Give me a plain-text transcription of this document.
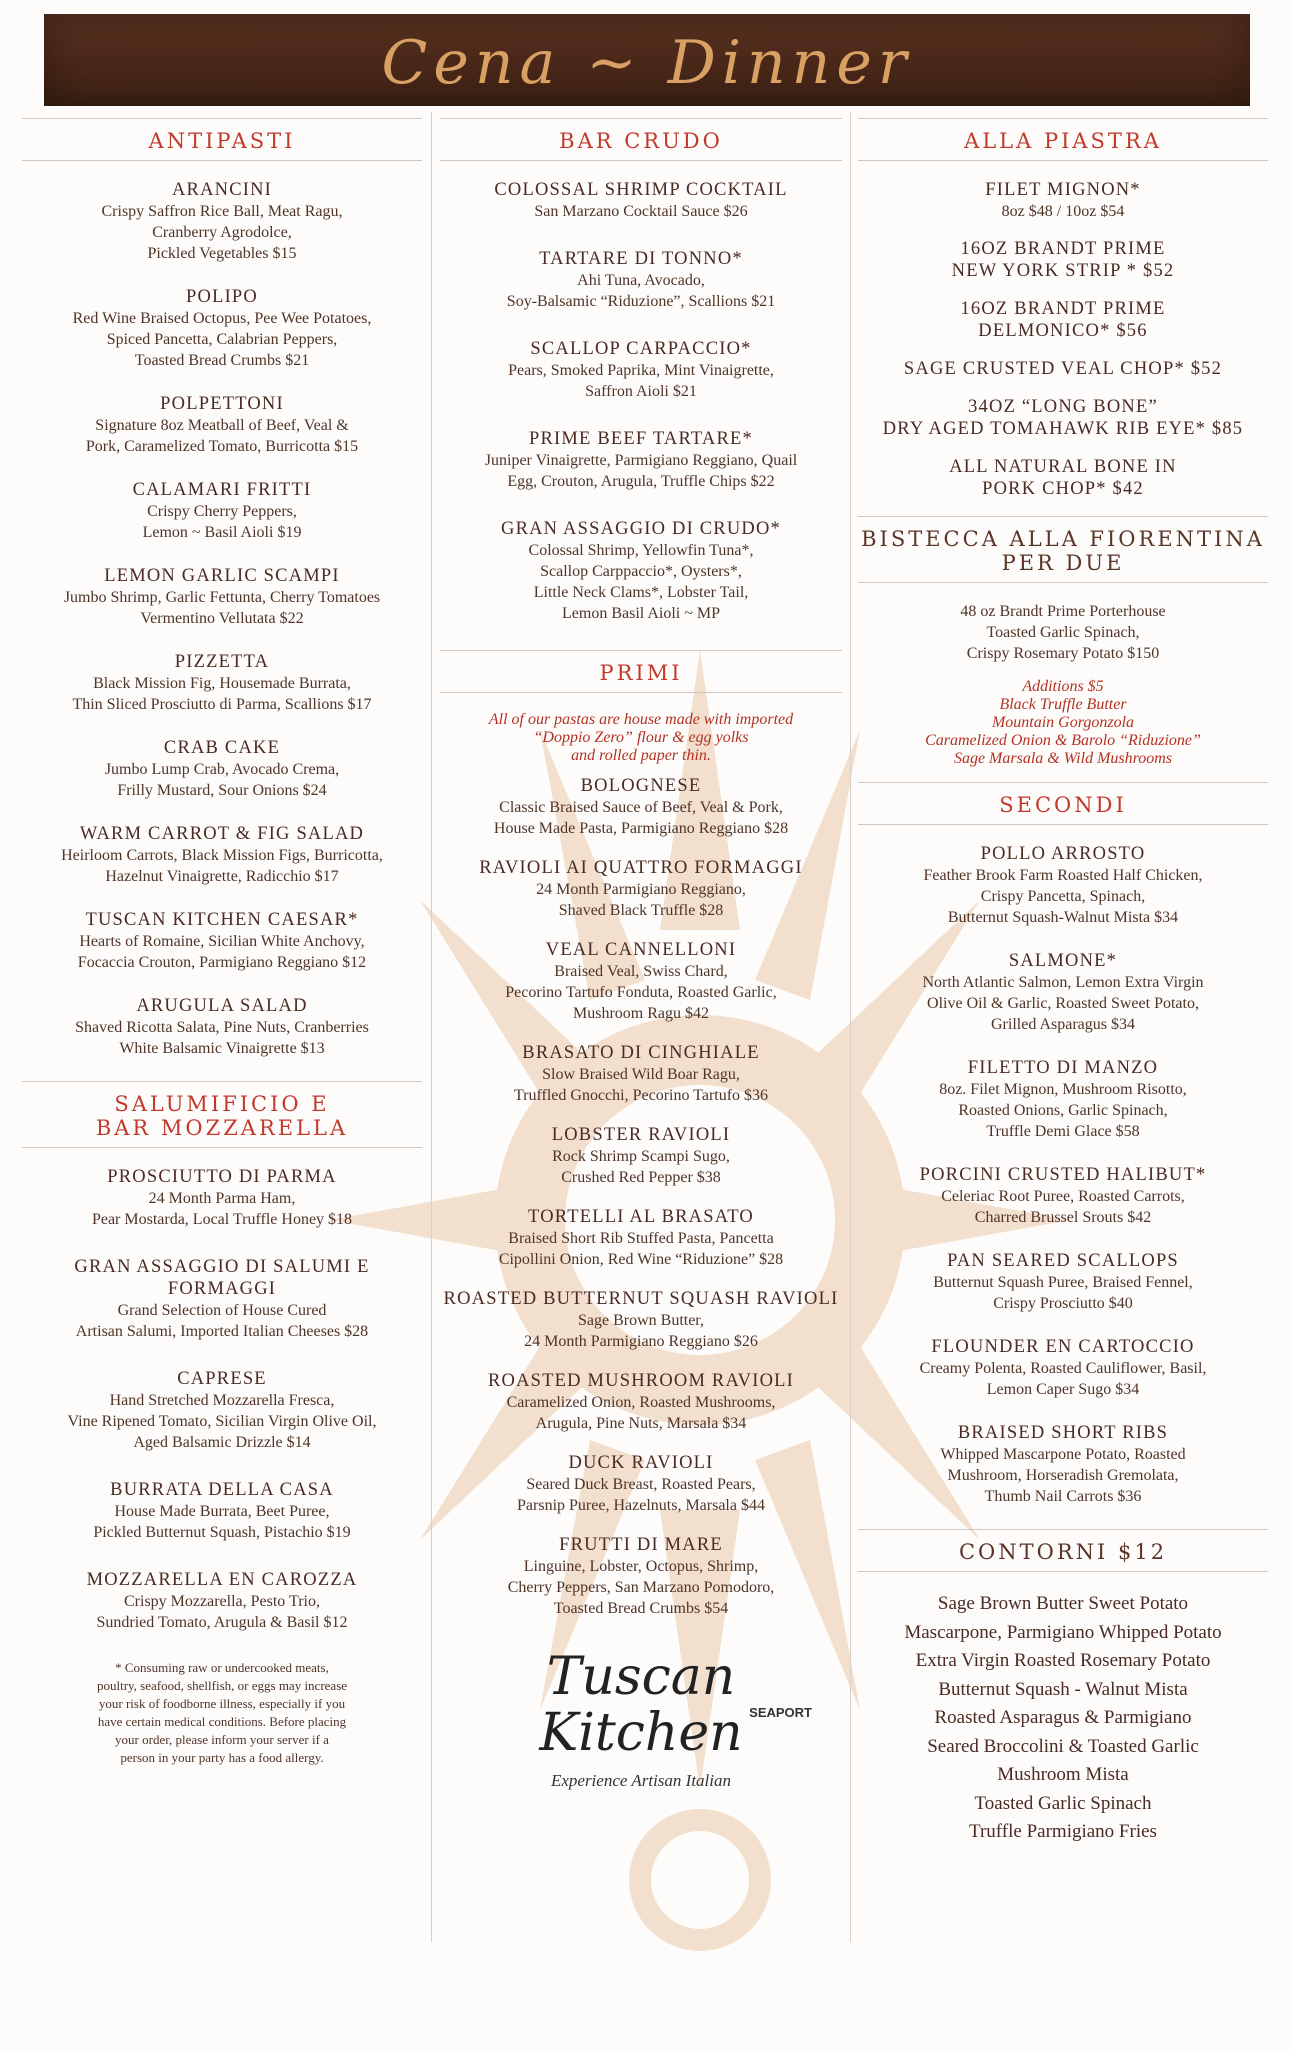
Cena ~ Dinner
ANTIPASTI
ARANCINI
Crispy Saffron Rice Ball, Meat Ragu,
Cranberry Agrodolce,
Pickled Vegetables $15
POLIPO
Red Wine Braised Octopus, Pee Wee Potatoes,
Spiced Pancetta, Calabrian Peppers,
Toasted Bread Crumbs $21
POLPETTONI
Signature 8oz Meatball of Beef, Veal &
Pork, Caramelized Tomato, Burricotta $15
CALAMARI FRITTI
Crispy Cherry Peppers,
Lemon ~ Basil Aioli $19
LEMON GARLIC SCAMPI
Jumbo Shrimp, Garlic Fettunta, Cherry Tomatoes
Vermentino Vellutata $22
PIZZETTA
Black Mission Fig, Housemade Burrata,
Thin Sliced Prosciutto di Parma, Scallions $17
CRAB CAKE
Jumbo Lump Crab, Avocado Crema,
Frilly Mustard, Sour Onions $24
WARM CARROT & FIG SALAD
Heirloom Carrots, Black Mission Figs, Burricotta,
Hazelnut Vinaigrette, Radicchio $17
TUSCAN KITCHEN CAESAR*
Hearts of Romaine, Sicilian White Anchovy,
Focaccia Crouton, Parmigiano Reggiano $12
ARUGULA SALAD
Shaved Ricotta Salata, Pine Nuts, Cranberries
White Balsamic Vinaigrette $13
SALUMIFICIO E
BAR MOZZARELLA
PROSCIUTTO DI PARMA
24 Month Parma Ham,
Pear Mostarda, Local Truffle Honey $18
GRAN ASSAGGIO DI SALUMI E FORMAGGI
Grand Selection of House Cured
Artisan Salumi, Imported Italian Cheeses $28
CAPRESE
Hand Stretched Mozzarella Fresca,
Vine Ripened Tomato, Sicilian Virgin Olive Oil,
Aged Balsamic Drizzle $14
BURRATA DELLA CASA
House Made Burrata, Beet Puree,
Pickled Butternut Squash, Pistachio $19
MOZZARELLA EN CAROZZA
Crispy Mozzarella, Pesto Trio,
Sundried Tomato, Arugula & Basil $12
* Consuming raw or undercooked meats,
poultry, seafood, shellfish, or eggs may increase
your risk of foodborne illness, especially if you
have certain medical conditions. Before placing
your order, please inform your server if a
person in your party has a food allergy.
BAR CRUDO
COLOSSAL SHRIMP COCKTAIL
San Marzano Cocktail Sauce $26
TARTARE DI TONNO*
Ahi Tuna, Avocado,
Soy-Balsamic “Riduzione”, Scallions $21
SCALLOP CARPACCIO*
Pears, Smoked Paprika, Mint Vinaigrette,
Saffron Aioli $21
PRIME BEEF TARTARE*
Juniper Vinaigrette, Parmigiano Reggiano, Quail
Egg, Crouton, Arugula, Truffle Chips $22
GRAN ASSAGGIO DI CRUDO*
Colossal Shrimp, Yellowfin Tuna*,
Scallop Carppaccio*, Oysters*,
Little Neck Clams*, Lobster Tail,
Lemon Basil Aioli ~ MP
PRIMI
All of our pastas are house made with imported
“Doppio Zero” flour & egg yolks
and rolled paper thin.
BOLOGNESE
Classic Braised Sauce of Beef, Veal & Pork,
House Made Pasta, Parmigiano Reggiano $28
RAVIOLI AI QUATTRO FORMAGGI
24 Month Parmigiano Reggiano,
Shaved Black Truffle $28
VEAL CANNELLONI
Braised Veal, Swiss Chard,
Pecorino Tartufo Fonduta, Roasted Garlic,
Mushroom Ragu $42
BRASATO DI CINGHIALE
Slow Braised Wild Boar Ragu,
Truffled Gnocchi, Pecorino Tartufo $36
LOBSTER RAVIOLI
Rock Shrimp Scampi Sugo,
Crushed Red Pepper $38
TORTELLI AL BRASATO
Braised Short Rib Stuffed Pasta, Pancetta
Cipollini Onion, Red Wine “Riduzione” $28
ROASTED BUTTERNUT SQUASH RAVIOLI
Sage Brown Butter,
24 Month Parmigiano Reggiano $26
ROASTED MUSHROOM RAVIOLI
Caramelized Onion, Roasted Mushrooms,
Arugula, Pine Nuts, Marsala $34
DUCK RAVIOLI
Seared Duck Breast, Roasted Pears,
Parsnip Puree, Hazelnuts, Marsala $44
FRUTTI DI MARE
Linguine, Lobster, Octopus, Shrimp,
Cherry Peppers, San Marzano Pomodoro,
Toasted Bread Crumbs $54
Tuscan Kitchen SEAPORT
Experience Artisan Italian
ALLA PIASTRA
FILET MIGNON*
8oz $48 / 10oz $54
16OZ BRANDT PRIME
NEW YORK STRIP * $52
16OZ BRANDT PRIME
DELMONICO* $56
SAGE CRUSTED VEAL CHOP* $52
34OZ “LONG BONE”
DRY AGED TOMAHAWK RIB EYE* $85
ALL NATURAL BONE IN
PORK CHOP* $42
BISTECCA ALLA FIORENTINA
PER DUE
48 oz Brandt Prime Porterhouse
Toasted Garlic Spinach,
Crispy Rosemary Potato $150
Additions $5
Black Truffle Butter
Mountain Gorgonzola
Caramelized Onion & Barolo “Riduzione”
Sage Marsala & Wild Mushrooms
SECONDI
POLLO ARROSTO
Feather Brook Farm Roasted Half Chicken,
Crispy Pancetta, Spinach,
Butternut Squash-Walnut Mista $34
SALMONE*
North Atlantic Salmon, Lemon Extra Virgin
Olive Oil & Garlic, Roasted Sweet Potato,
Grilled Asparagus $34
FILETTO DI MANZO
8oz. Filet Mignon, Mushroom Risotto,
Roasted Onions, Garlic Spinach,
Truffle Demi Glace $58
PORCINI CRUSTED HALIBUT*
Celeriac Root Puree, Roasted Carrots,
Charred Brussel Srouts $42
PAN SEARED SCALLOPS
Butternut Squash Puree, Braised Fennel,
Crispy Prosciutto $40
FLOUNDER EN CARTOCCIO
Creamy Polenta, Roasted Cauliflower, Basil,
Lemon Caper Sugo $34
BRAISED SHORT RIBS
Whipped Mascarpone Potato, Roasted
Mushroom, Horseradish Gremolata,
Thumb Nail Carrots $36
CONTORNI $12
Sage Brown Butter Sweet Potato
Mascarpone, Parmigiano Whipped Potato
Extra Virgin Roasted Rosemary Potato
Butternut Squash - Walnut Mista
Roasted Asparagus & Parmigiano
Seared Broccolini & Toasted Garlic
Mushroom Mista
Toasted Garlic Spinach
Truffle Parmigiano Fries
